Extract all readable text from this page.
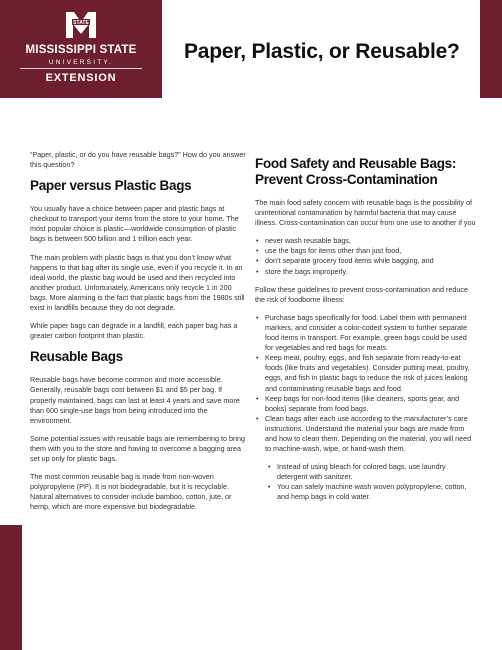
STATE
MISSISSIPPI STATE
UNIVERSITY.
EXTENSION
Paper, Plastic, or Reusable?

“Paper, plastic, or do you have reusable bags?” How do you answer this question?

Paper versus Plastic Bags

You usually have a choice between paper and plastic bags at checkout to transport your items from the store to your home. The most popular choice is plastic—worldwide consumption of plastic bags is between 500 billion and 1 trillion each year.

The main problem with plastic bags is that you don’t know what happens to that bag after its single use, even if you recycle it. In an ideal world, the plastic bag would be used and then recycled into another product. Unfortunately, Americans only recycle 1 in 200 bags. More alarming is the fact that plastic bags from the 1980s still exist in landfills because they do not degrade.

While paper bags can degrade in a landfill, each paper bag has a greater carbon footprint than plastic.

Reusable Bags

Reusable bags have become common and more accessible. Generally, reusable bags cost between $1 and $5 per bag. If properly maintained, bags can last at least 4 years and save more than 600 single-use bags from being introduced into the environment.

Some potential issues with reusable bags are remembering to bring them with you to the store and having to overcome a bagging area set up only for plastic bags.

The most common reusable bag is made from non-woven polypropylene (PP). It is not biodegradable, but it is recyclable. Natural alternatives to consider include bamboo, cotton, jute, or hemp, which are more expensive but biodegradable.

Food Safety and Reusable Bags: Prevent Cross-Contamination

The main food safety concern with reusable bags is the possibility of unintentional contamination by harmful bacteria that may cause illness. Cross-contamination can occur from one use to another if you

• never wash reusable bags,
• use the bags for items other than just food,
• don’t separate grocery food items while bagging, and
• store the bags improperly.

Follow these guidelines to prevent cross-contamination and reduce the risk of foodborne illness:

• Purchase bags specifically for food. Label them with permanent markers, and consider a color-coded system to further separate food items in transport. For example, green bags could be used for vegetables and red bags for meats.
• Keep meat, poultry, eggs, and fish separate from ready-to-eat foods (like fruits and vegetables). Consider putting meat, poultry, eggs, and fish in plastic bags to reduce the risk of juices leaking and contaminating reusable bags and food.
• Keep bags for non-food items (like cleaners, sports gear, and books) separate from food bags.
• Clean bags after each use according to the manufacturer’s care instructions. Understand the material your bags are made from and how to clean them. Depending on the material, you will need to machine-wash, wipe, or hand-wash them.
• Instead of using bleach for colored bags, use laundry detergent with sanitizer.
• You can safely machine wash woven polypropylene, cotton, and hemp bags in cold water.
